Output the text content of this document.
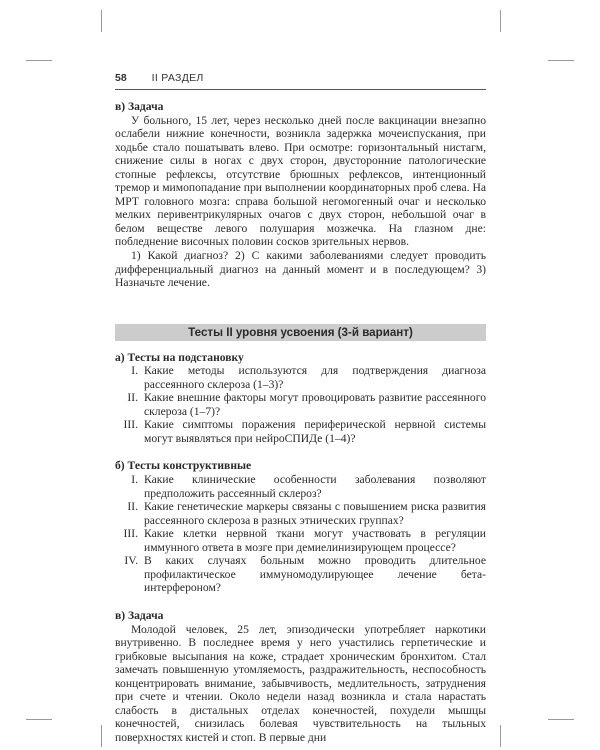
58 II РАЗДЕЛ

в) Задача

У больного, 15 лет, через несколько дней после вакцинации внезапно ослабели нижние конечности, возникла задержка мочеиспускания, при ходьбе стало пошатывать влево. При осмотре: горизонтальный нистагм, снижение силы в ногах с двух сторон, двусторонние патологические стопные рефлексы, отсутствие брюшных рефлексов, интенционный тремор и мимопопадание при выполнении координаторных проб слева. На МРТ головного мозга: справа большой негомогенный очаг и несколько мелких перивентрикулярных очагов с двух сторон, небольшой очаг в белом веществе левого полушария мозжечка. На глазном дне: побледнение височных половин сосков зрительных нервов.

1) Какой диагноз? 2) С какими заболеваниями следует проводить дифференциальный диагноз на данный момент и в последующем? 3) Назначьте лечение.

Тесты II уровня усвоения (3-й вариант)

а) Тесты на подстановку

I. Какие методы используются для подтверждения диагноза рассеянного склероза (1–3)?
II. Какие внешние факторы могут провоцировать развитие рассеянного склероза (1–7)?
III. Какие симптомы поражения периферической нервной системы могут выявляться при нейроСПИДе (1–4)?

б) Тесты конструктивные

I. Какие клинические особенности заболевания позволяют предположить рассеянный склероз?
II. Какие генетические маркеры связаны с повышением риска развития рассеянного склероза в разных этнических группах?
III. Какие клетки нервной ткани могут участвовать в регуляции иммунного ответа в мозге при демиелинизирующем процессе?
IV. В каких случаях больным можно проводить длительное профилактическое иммуномодулирующее лечение бета-интерфероном?

в) Задача

Молодой человек, 25 лет, эпизодически употребляет наркотики внутривенно. В последнее время у него участились герпетические и грибковые высыпания на коже, страдает хроническим бронхитом. Стал замечать повышенную утомляемость, раздражительность, неспособность концентрировать внимание, забывчивость, медлительность, затруднения при счете и чтении. Около недели назад возникла и стала нарастать слабость в дистальных отделах конечностей, похудели мышцы конечностей, снизилась болевая чувствительность на тыльных поверхностях кистей и стоп. В первые дни
